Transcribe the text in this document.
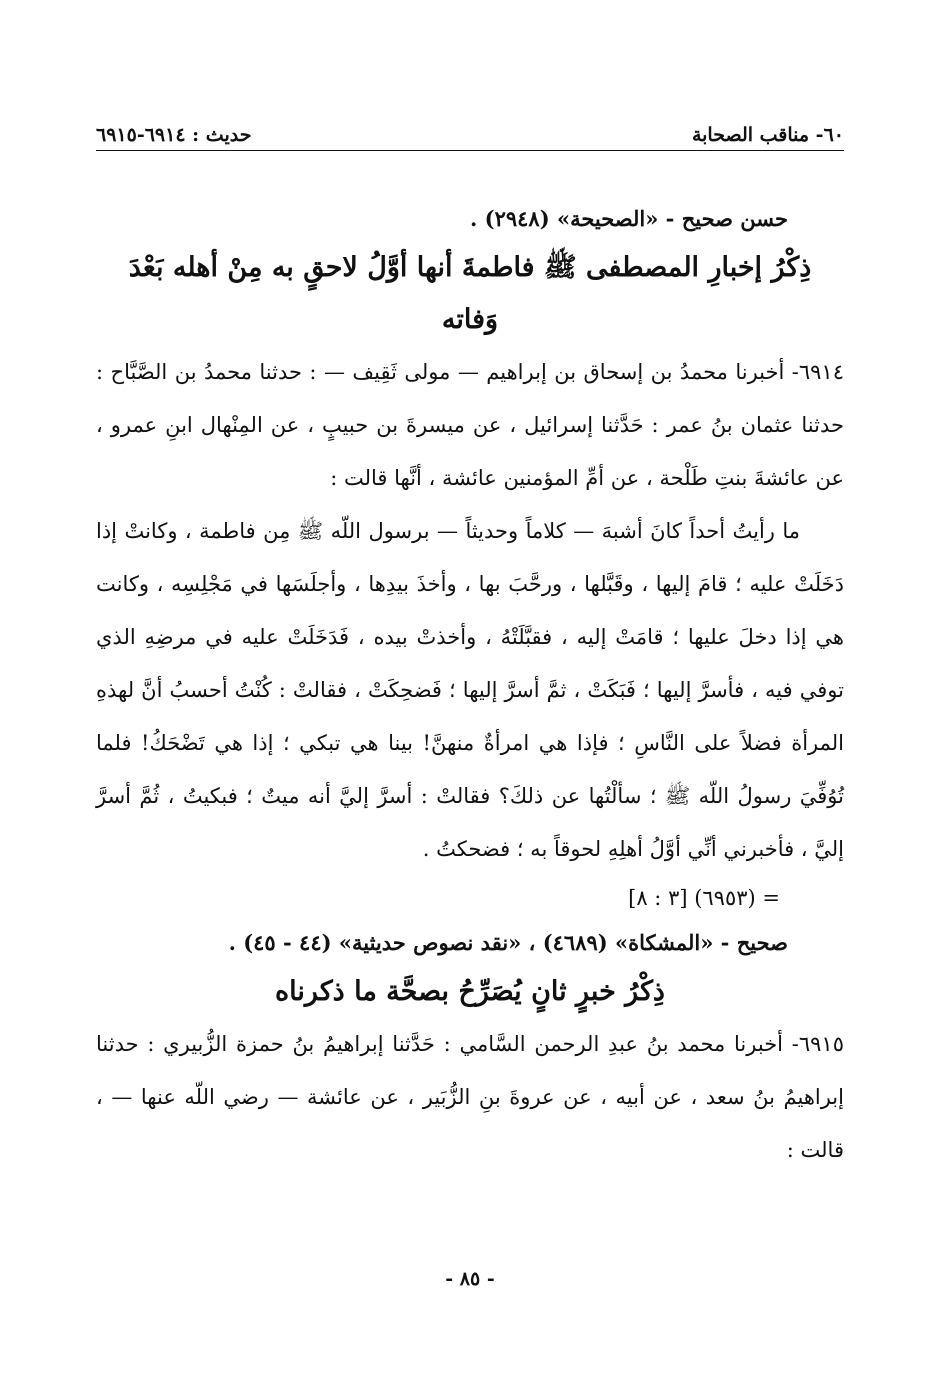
٦٠- مناقب الصحابة
حديث : ٦٩١٤-٦٩١٥

حسن صحيح - «الصحيحة» (٢٩٤٨) .

ذِكْرُ إخبارِ المصطفى ﷺ فاطمةَ أنها أوَّلُ لاحقٍ به مِنْ أهله بَعْدَ وَفاته

٦٩١٤- أخبرنا محمدُ بن إسحاق بن إبراهيم — مولى ثَقِيف — : حدثنا محمدُ بن الصَّبَّاح : حدثنا عثمان بنُ عمر : حَدَّثنا إسرائيل ، عن ميسرةَ بن حبيبٍ ، عن المِنْهال ابنِ عمرو ، عن عائشةَ بنتِ طَلْحة ، عن أمِّ المؤمنين عائشة ، أنَّها قالت :

ما رأيتُ أحداً كانَ أشبهَ — كلاماً وحديثاً — برسول اللّه ﷺ مِن فاطمة ، وكانتْ إذا دَخَلَتْ عليه ؛ قامَ إليها ، وقَبَّلها ، ورحَّبَ بها ، وأخذَ بيدِها ، وأجلَسَها في مَجْلِسِه ، وكانت هي إذا دخلَ عليها ؛ قامَتْ إليه ، فقبَّلَتْهُ ، وأخذتْ بيده ، فَدَخَلَتْ عليه في مرضِهِ الذي توفي فيه ، فأسرَّ إليها ؛ فَبَكَتْ ، ثمَّ أسرَّ إليها ؛ فَضحِكَتْ ، فقالتْ : كُنْتُ أحسبُ أنَّ لهذهِ المرأة فضلاً على النَّاسِ ؛ فإذا هي امرأةٌ منهنَّ! بينا هي تبكي ؛ إذا هي تَضْحَكُ! فلما تُوُفِّيَ رسولُ اللّه ﷺ ؛ سألْتُها عن ذلكَ؟ فقالتْ : أسرَّ إليَّ أنه ميتٌ ؛ فبكيتُ ، ثُمَّ أسرَّ إليَّ ، فأخبرني أنِّي أوَّلُ أهلِهِ لحوقاً به ؛ فضحكتُ .

= (٦٩٥٣) [٣ : ٨]

صحيح - «المشكاة» (٤٦٨٩) ، «نقد نصوص حديثية» (٤٤ - ٤٥) .

ذِكْرُ خبرٍ ثانٍ يُصَرِّحُ بصحَّة ما ذكرناه

٦٩١٥- أخبرنا محمد بنُ عبدِ الرحمن السَّامي : حَدَّثنا إبراهيمُ بنُ حمزة الزُّبيري : حدثنا إبراهيمُ بنُ سعد ، عن أبيه ، عن عروةَ بنِ الزُّبَير ، عن عائشة — رضي اللّه عنها — ، قالت :

- ٨٥ -
